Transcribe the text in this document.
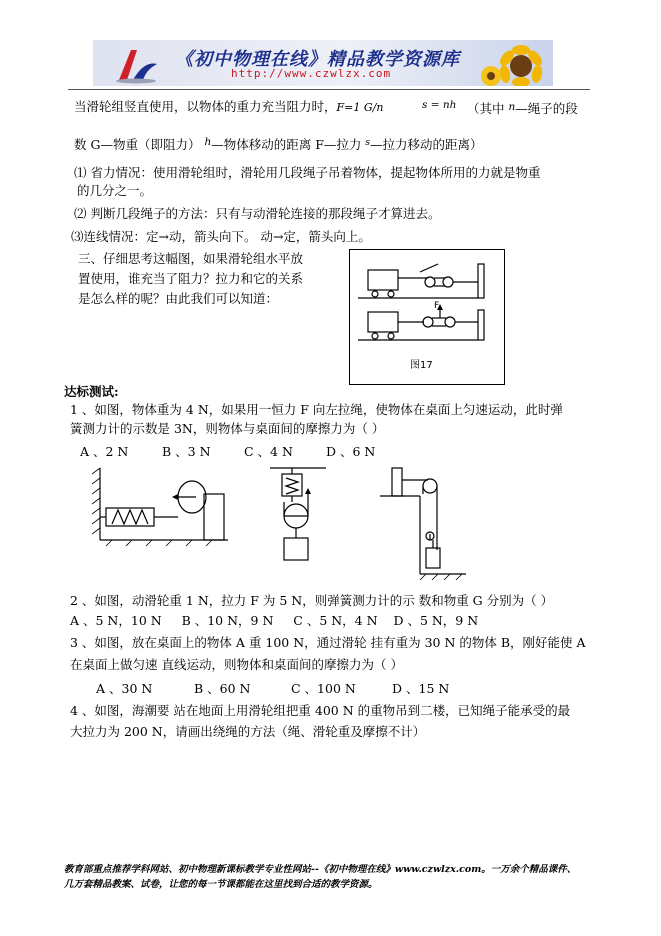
《初中物理在线》精品教学资源库
http://www.czwlzx.com
当滑轮组竖直使用，以物体的重力充当阻力时，F=1 G/n	s = nh （其中 $^n$—绳子的段
数 G—物重（即阻力） $^h$—物体移动的距离 F—拉力 $^s$—拉力移动的距离）
⑴ 省力情况：使用滑轮组时，滑轮用几段绳子吊着物体，提起物体所用的力就是物重
的几分之一。
⑵ 判断几段绳子的方法：只有与动滑轮连接的那段绳子才算进去。
⑶连线情况：定→动，箭头向下。 动→定，箭头向上。
三、仔细思考这幅图，如果滑轮组水平放
置使用，谁充当了阻力？拉力和它的关系
是怎么样的呢？由此我们可以知道：	F
图17
达标测试:
1 、如图，物体重为 4 N，如果用一恒力 F 向左拉绳，使物体在桌面上匀速运动，此时弹
簧测力计的示数是 3N，则物体与桌面间的摩擦力为（ ）
A 、2 N	B 、3 N	C 、4 N	D 、6 N
2 、如图，动滑轮重 1 N，拉力 F 为 5 N，则弹簧测力计的示 数和物重 G 分别为（ ）
A 、5 N，10 N B 、10 N，9 N C 、5 N，4 N D 、5 N，9 N
3 、如图，放在桌面上的物体 A 重 100 N，通过滑轮 挂有重为 30 N 的物体 B，刚好能使 A
在桌面上做匀速 直线运动，则物体和桌面间的摩擦力为（ ）
A 、30 N	B 、60 N	C 、100 N	D 、15 N
4 、如图，海潮要 站在地面上用滑轮组把重 400 N 的重物吊到二楼，已知绳子能承受的最
大拉力为 200 N，请画出绕绳的方法（绳、滑轮重及摩擦不计）
教育部重点推荐学科网站、初中物理新课标教学专业性网站--《初中物理在线》www.czwlzx.com。一万余个精品课件、
几万套精品教案、试卷，让您的每一节课都能在这里找到合适的教学资源。
